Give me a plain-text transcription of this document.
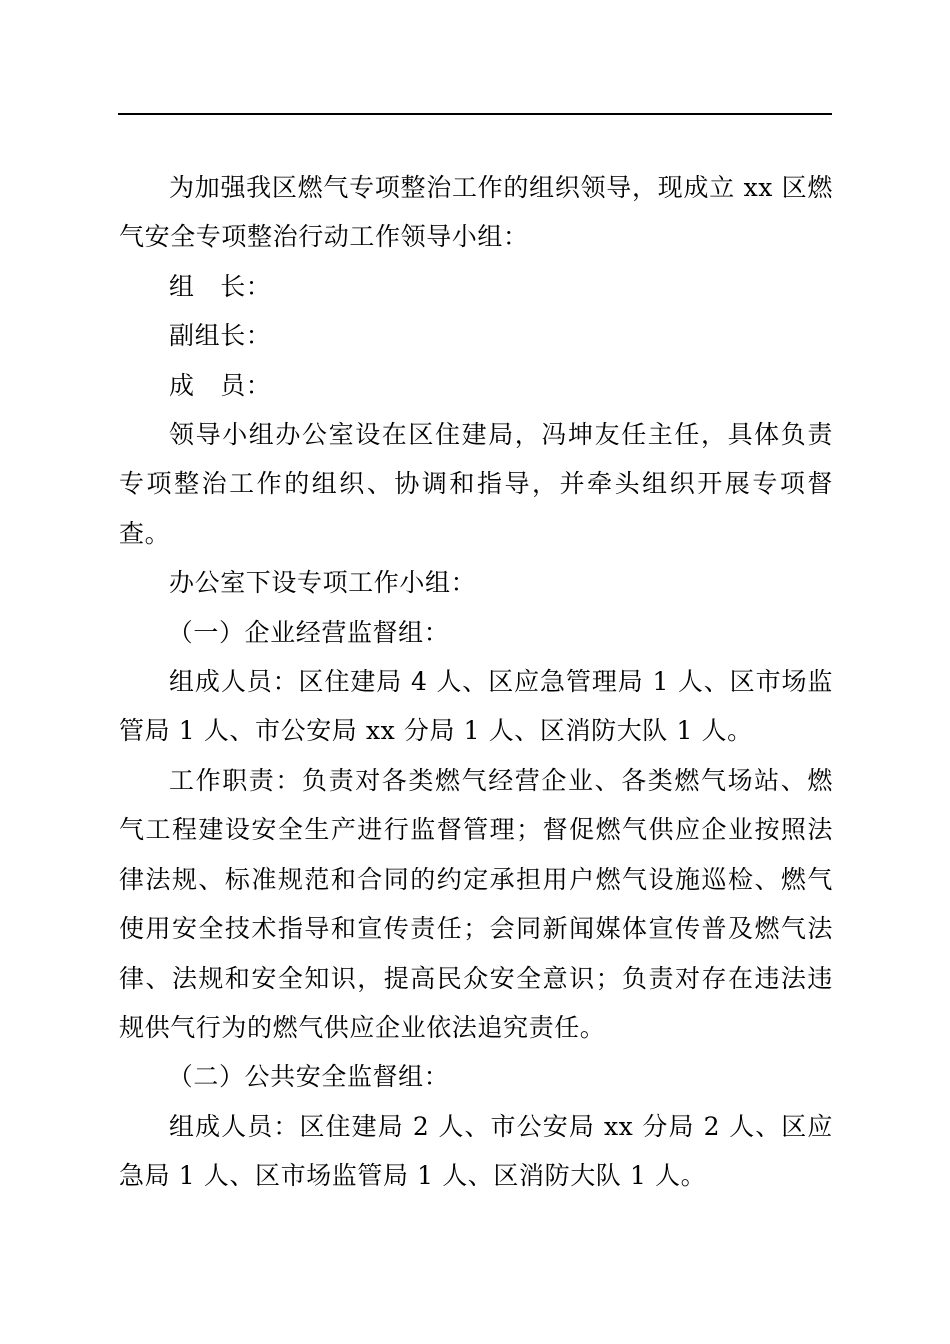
为加强我区燃气专项整治工作的组织领导，现成立 xx 区燃气安全专项整治行动工作领导小组：

组　长：

副组长：

成　员：

领导小组办公室设在区住建局，冯坤友任主任，具体负责专项整治工作的组织、协调和指导，并牵头组织开展专项督查。

办公室下设专项工作小组：

（一）企业经营监督组：

组成人员：区住建局 4 人、区应急管理局 1 人、区市场监管局 1 人、市公安局 xx 分局 1 人、区消防大队 1 人。

工作职责：负责对各类燃气经营企业、各类燃气场站、燃气工程建设安全生产进行监督管理；督促燃气供应企业按照法律法规、标准规范和合同的约定承担用户燃气设施巡检、燃气使用安全技术指导和宣传责任；会同新闻媒体宣传普及燃气法律、法规和安全知识，提高民众安全意识；负责对存在违法违规供气行为的燃气供应企业依法追究责任。

（二）公共安全监督组：

组成人员：区住建局 2 人、市公安局 xx 分局 2 人、区应急局 1 人、区市场监管局 1 人、区消防大队 1 人。
